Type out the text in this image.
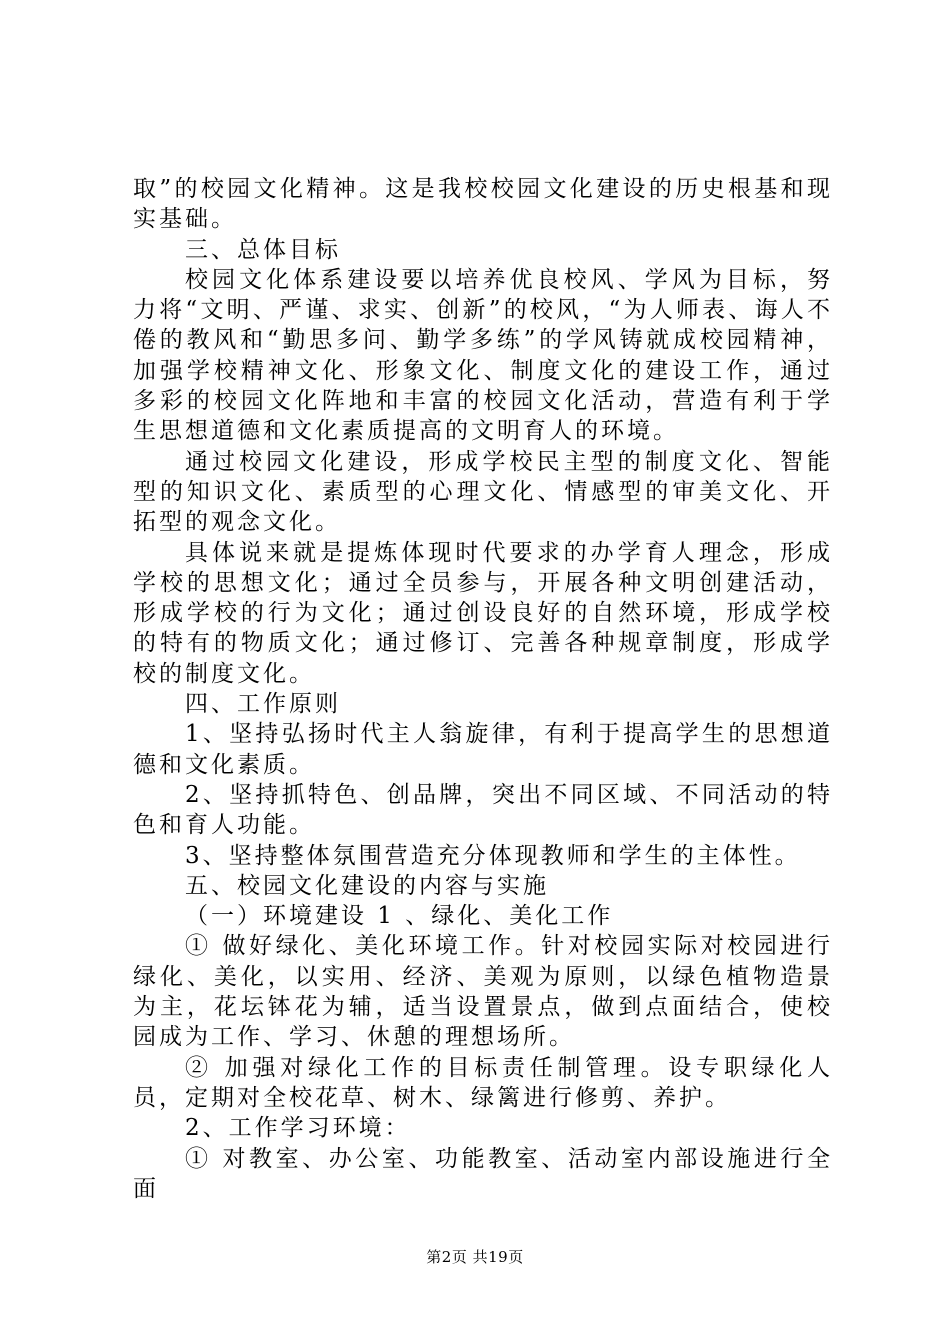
取”的校园文化精神。这是我校校园文化建设的历史根基和现实基础。

三、总体目标

校园文化体系建设要以培养优良校风、学风为目标，努力将“文明、严谨、求实、创新”的校风，“为人师表、诲人不倦的教风和“勤思多问、勤学多练”的学风铸就成校园精神，加强学校精神文化、形象文化、制度文化的建设工作，通过多彩的校园文化阵地和丰富的校园文化活动，营造有利于学生思想道德和文化素质提高的文明育人的环境。

通过校园文化建设，形成学校民主型的制度文化、智能型的知识文化、素质型的心理文化、情感型的审美文化、开拓型的观念文化。

具体说来就是提炼体现时代要求的办学育人理念，形成学校的思想文化；通过全员参与，开展各种文明创建活动，形成学校的行为文化；通过创设良好的自然环境，形成学校的特有的物质文化；通过修订、完善各种规章制度，形成学校的制度文化。

四、工作原则

1、坚持弘扬时代主人翁旋律，有利于提高学生的思想道德和文化素质。

2、坚持抓特色、创品牌，突出不同区域、不同活动的特色和育人功能。

3、坚持整体氛围营造充分体现教师和学生的主体性。

五、校园文化建设的内容与实施

（一）环境建设 1 、绿化、美化工作

① 做好绿化、美化环境工作。针对校园实际对校园进行绿化、美化，以实用、经济、美观为原则，以绿色植物造景为主，花坛钵花为辅，适当设置景点，做到点面结合，使校园成为工作、学习、休憩的理想场所。

② 加强对绿化工作的目标责任制管理。设专职绿化人员，定期对全校花草、树木、绿篱进行修剪、养护。

2、工作学习环境：

① 对教室、办公室、功能教室、活动室内部设施进行全面

第2页 共19页
